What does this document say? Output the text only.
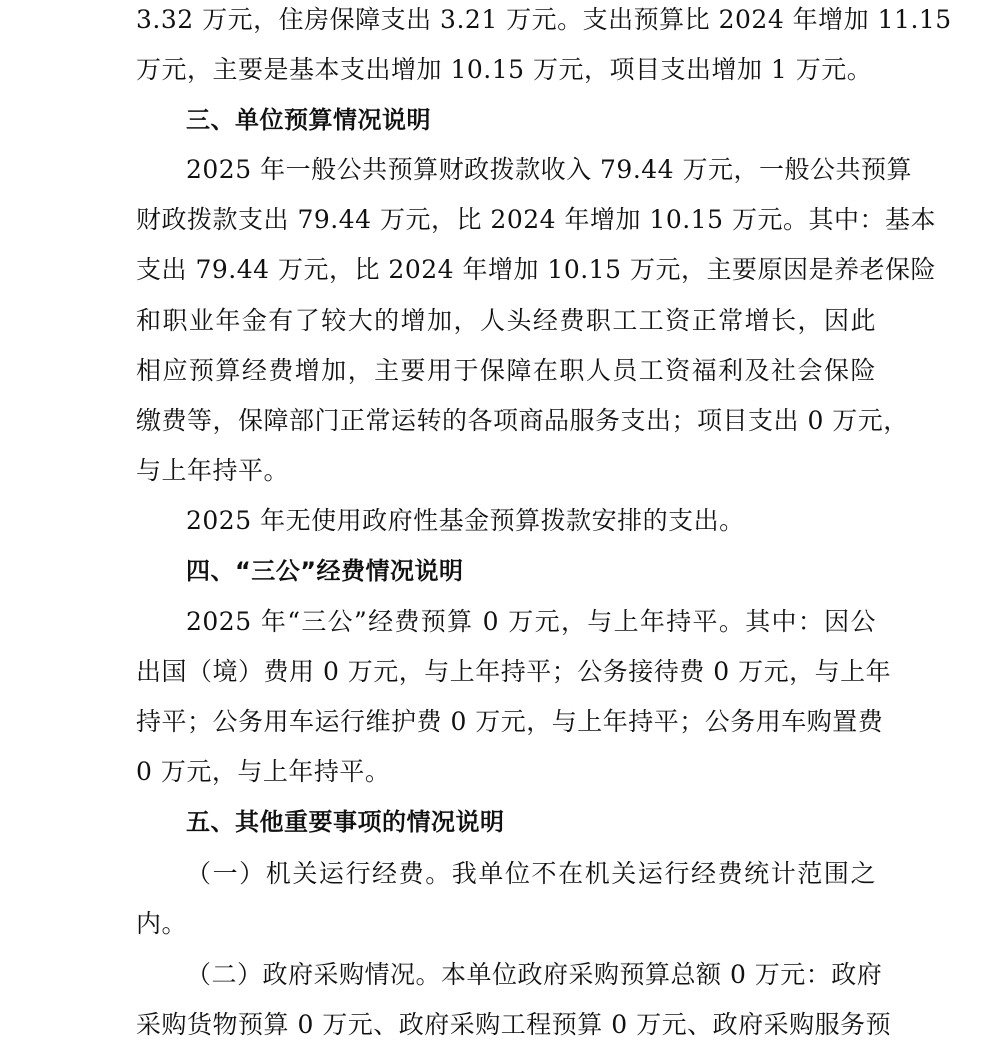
3.32 万元，住房保障支出 3.21 万元。支出预算比 2024 年增加 11.15
万元，主要是基本支出增加 10.15 万元，项目支出增加 1 万元。
三、单位预算情况说明
2025 年一般公共预算财政拨款收入 79.44 万元，一般公共预算
财政拨款支出 79.44 万元，比 2024 年增加 10.15 万元。其中：基本
支出 79.44 万元，比 2024 年增加 10.15 万元，主要原因是养老保险
和职业年金有了较大的增加，人头经费职工工资正常增长，因此
相应预算经费增加，主要用于保障在职人员工资福利及社会保险
缴费等，保障部门正常运转的各项商品服务支出；项目支出 0 万元，
与上年持平。
2025 年无使用政府性基金预算拨款安排的支出。
四、“三公”经费情况说明
2025 年“三公”经费预算 0 万元，与上年持平。其中：因公
出国（境）费用 0 万元，与上年持平；公务接待费 0 万元，与上年
持平；公务用车运行维护费 0 万元，与上年持平；公务用车购置费
0 万元，与上年持平。
五、其他重要事项的情况说明
（一）机关运行经费。我单位不在机关运行经费统计范围之
内。
（二）政府采购情况。本单位政府采购预算总额 0 万元：政府
采购货物预算 0 万元、政府采购工程预算 0 万元、政府采购服务预
